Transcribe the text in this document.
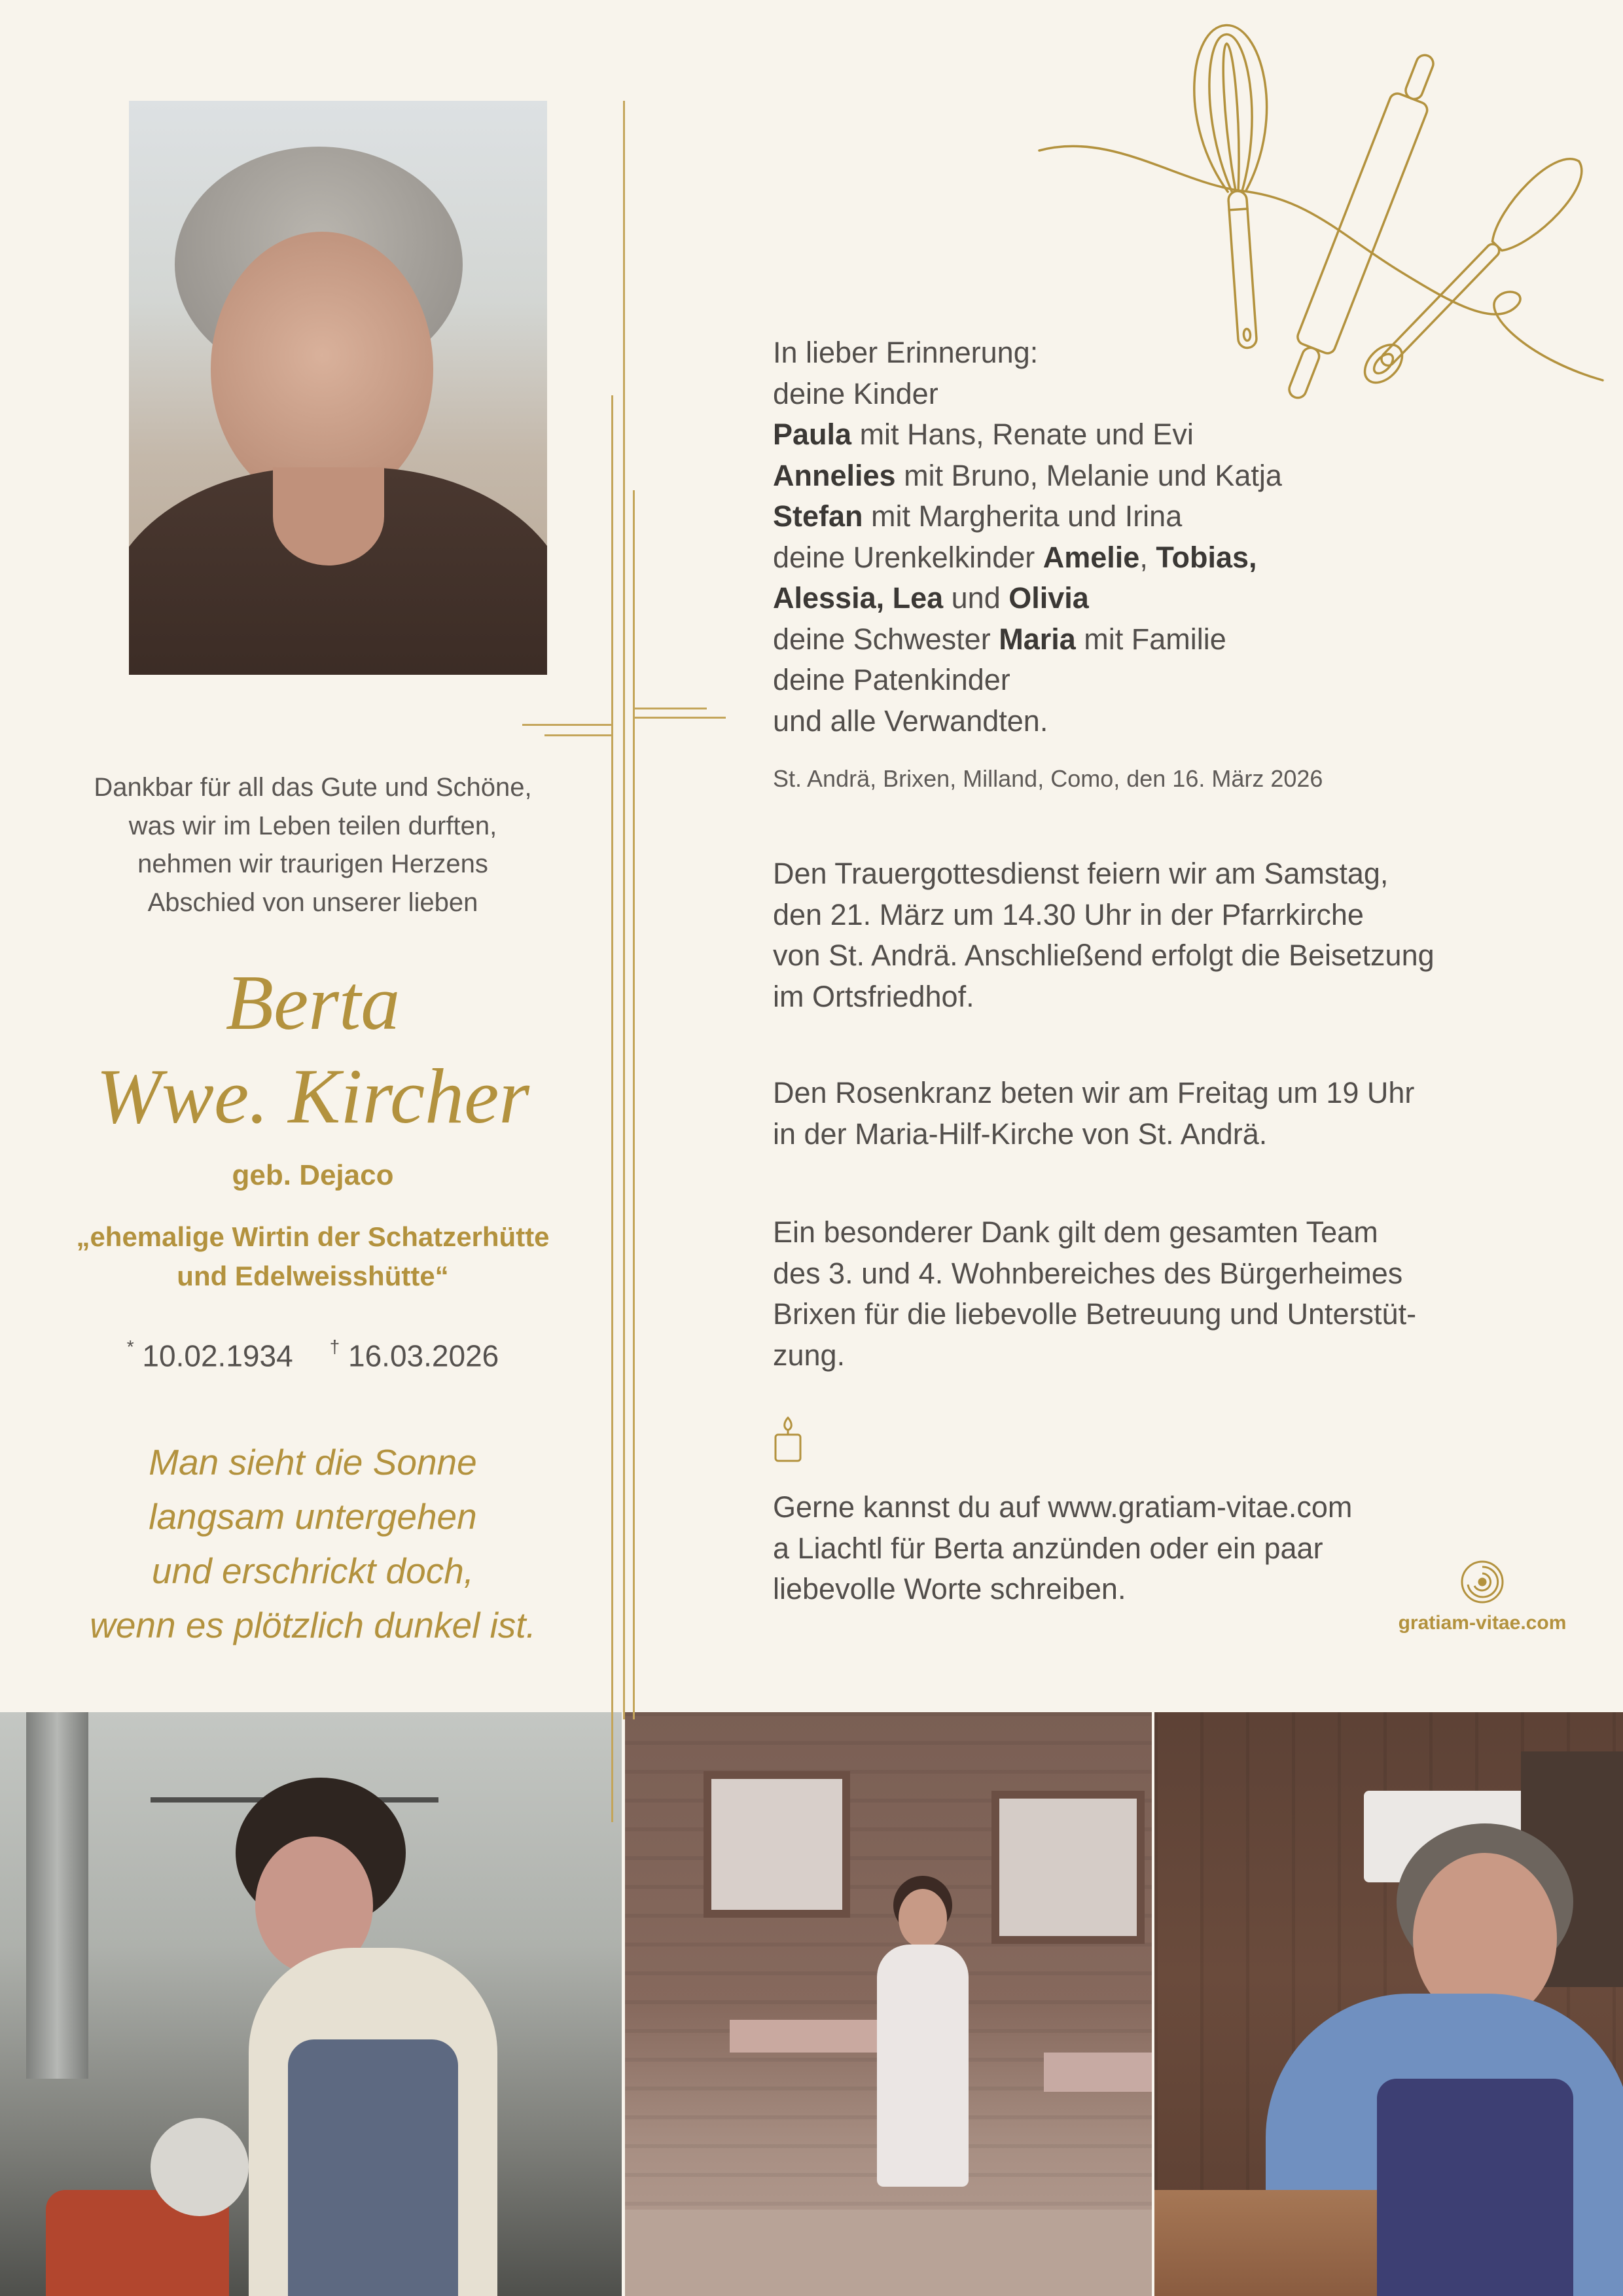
Dankbar für all das Gute und Schöne,
was wir im Leben teilen durften,
nehmen wir traurigen Herzens
Abschied von unserer lieben
Berta
Wwe. Kircher
geb. Dejaco
„ehemalige Wirtin der Schatzerhütte
und Edelweisshütte“
* 10.02.1934 † 16.03.2026
Man sieht die Sonne
langsam untergehen
und erschrickt doch,
wenn es plötzlich dunkel ist.
In lieber Erinnerung:
deine Kinder
Paula mit Hans, Renate und Evi
Annelies mit Bruno, Melanie und Katja
Stefan mit Margherita und Irina
deine Urenkelkinder Amelie, Tobias,
Alessia, Lea und Olivia
deine Schwester Maria mit Familie
deine Patenkinder
und alle Verwandten.
St. Andrä, Brixen, Milland, Como, den 16. März 2026
Den Trauergottesdienst feiern wir am Samstag,
den 21. März um 14.30 Uhr in der Pfarrkirche
von St. Andrä. Anschließend erfolgt die Beisetzung
im Ortsfriedhof.
Den Rosenkranz beten wir am Freitag um 19 Uhr
in der Maria-Hilf-Kirche von St. Andrä.
Ein besonderer Dank gilt dem gesamten Team
des 3. und 4. Wohnbereiches des Bürgerheimes
Brixen für die liebevolle Betreuung und Unterstüt-
zung.
Gerne kannst du auf www.gratiam-vitae.com
a Liachtl für Berta anzünden oder ein paar
liebevolle Worte schreiben.
gratiam-vitae.com
